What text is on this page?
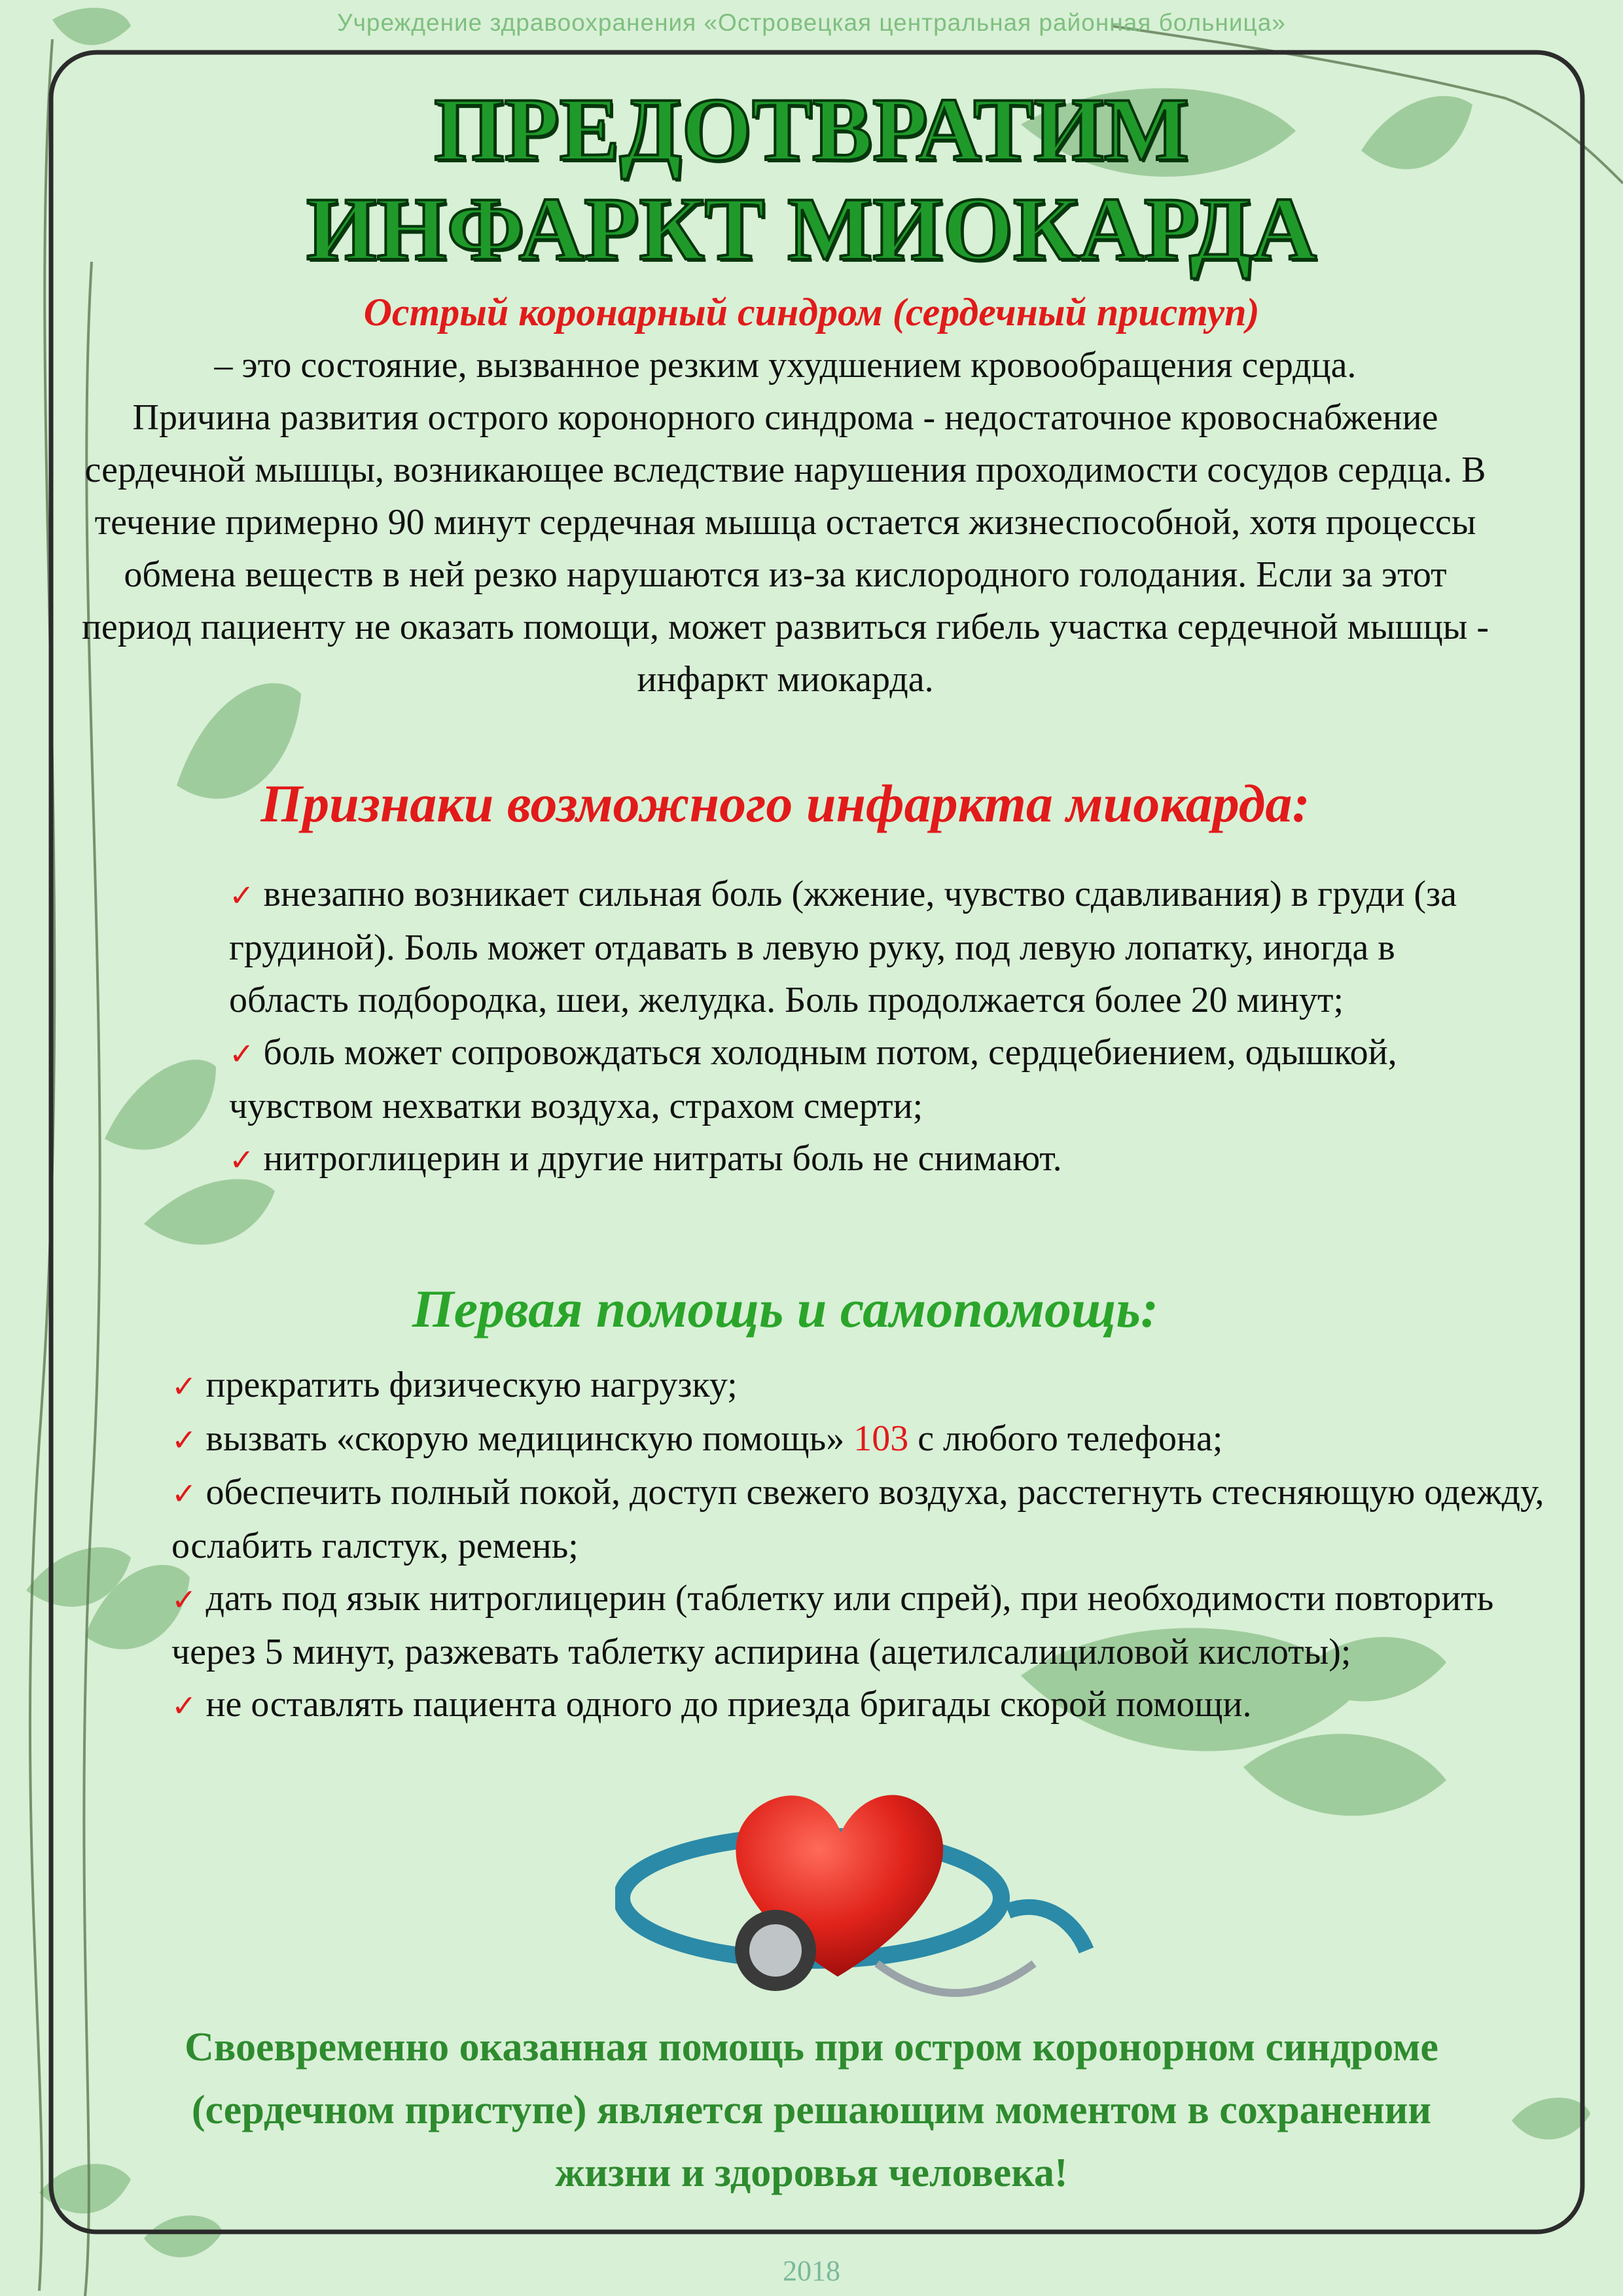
Учреждение здравоохранения «Островецкая центральная районная больница»
ПРЕДОТВРАТИМ
ИНФАРКТ МИОКАРДА
Острый коронарный синдром (сердечный приступ)

– это состояние, вызванное резким ухудшением кровообращения сердца.

Причина развития острого коронорного синдрома - недостаточное кровоснабжение сердечной мышцы, возникающее вследствие нарушения проходимости сосудов сердца. В течение примерно 90 минут сердечная мышца остается жизнеспособной, хотя процессы обмена веществ в ней резко нарушаются из-за кислородного голодания. Если за этот период пациенту не оказать помощи, может развиться гибель участка сердечной мышцы - инфаркт миокарда.

Признаки возможного инфаркта миокарда:
✓ внезапно возникает сильная боль (жжение, чувство сдавливания) в груди (за грудиной). Боль может отдавать в левую руку, под левую лопатку, иногда в область подбородка, шеи, желудка. Боль продолжается более 20 минут;
✓ боль может сопровождаться холодным потом, сердцебиением, одышкой, чувством нехватки воздуха, страхом смерти;
✓ нитроглицерин и другие нитраты боль не снимают.
Первая помощь и самопомощь:
✓ прекратить физическую нагрузку;
✓ вызвать «скорую медицинскую помощь» 103 с любого телефона;
✓ обеспечить полный покой, доступ свежего воздуха, расстегнуть стесняющую одежду, ослабить галстук, ремень;
✓ дать под язык нитроглицерин (таблетку или спрей), при необходимости повторить через 5 минут, разжевать таблетку аспирина (ацетилсалициловой кислоты);
✓ не оставлять пациента одного до приезда бригады скорой помощи.

Своевременно оказанная помощь при остром коронорном синдроме

(сердечном приступе) является решающим моментом в сохранении

жизни и здоровья человека!

2018
